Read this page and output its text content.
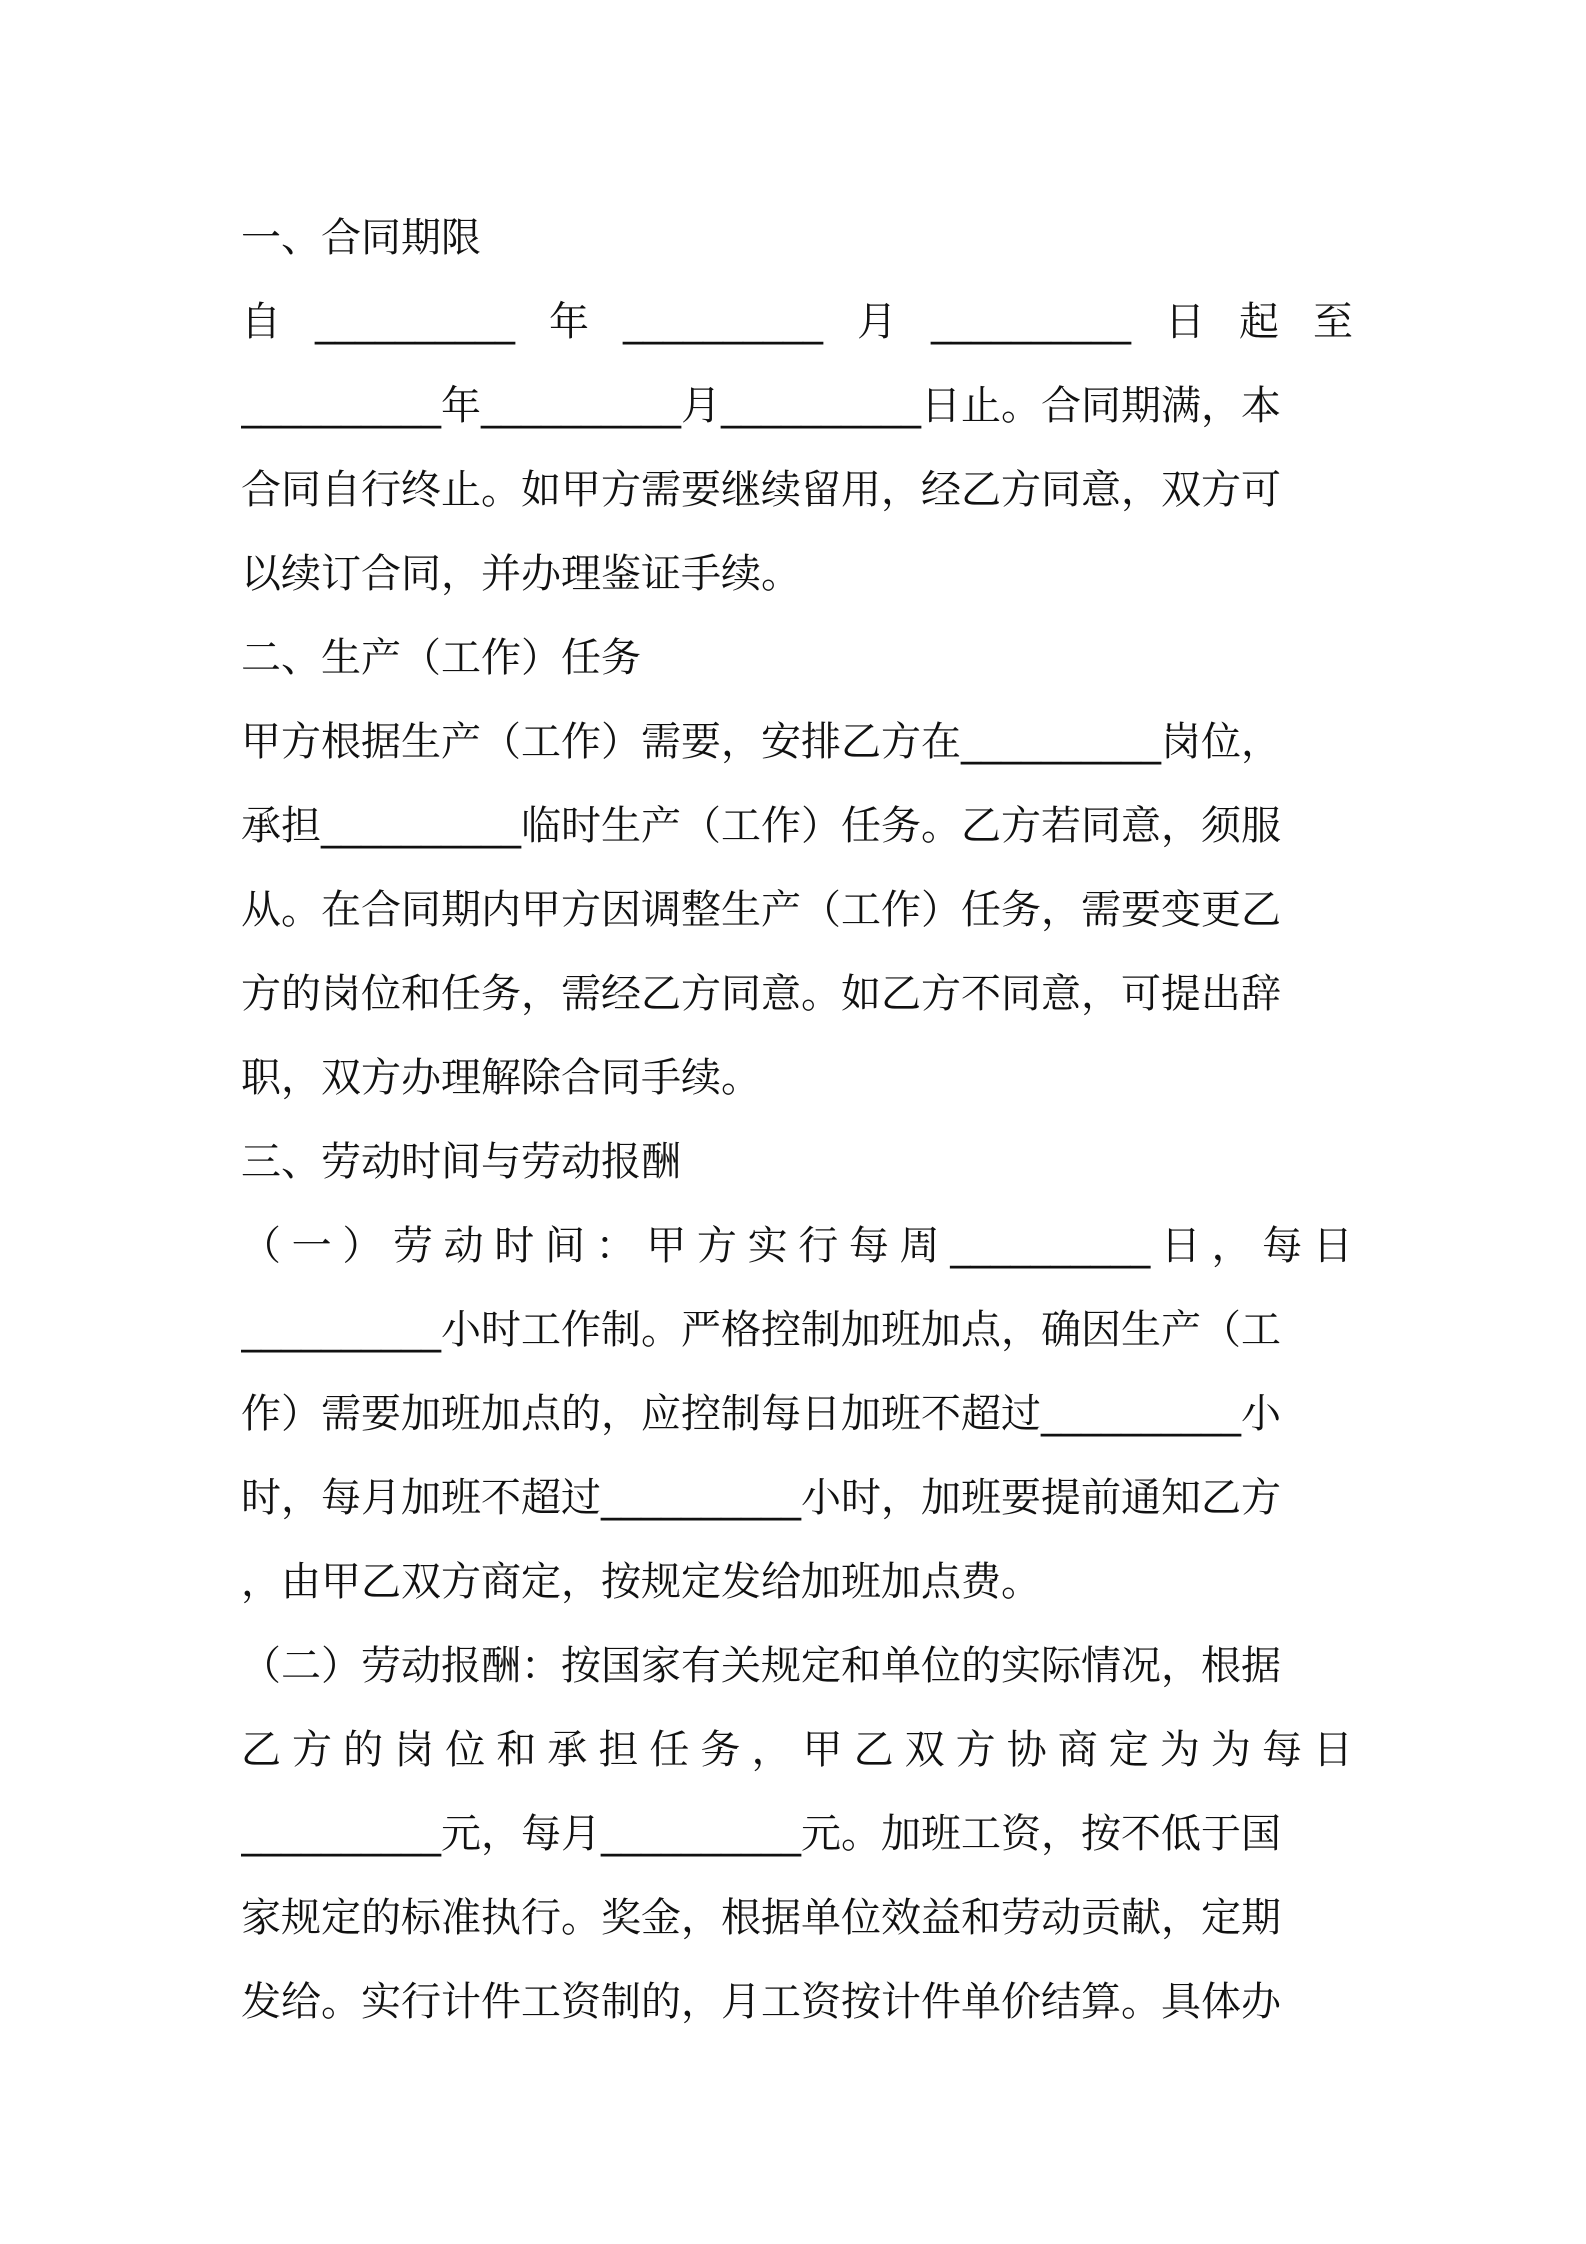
一、合同期限
自 __________ 年 __________ 月 __________ 日 起 至
__________年__________月__________日止。合同期满，本
合同自行终止。如甲方需要继续留用，经乙方同意，双方可
以续订合同，并办理鉴证手续。
二、生产（工作）任务
甲方根据生产（工作）需要，安排乙方在__________岗位，
承担__________临时生产（工作）任务。乙方若同意，须服
从。在合同期内甲方因调整生产（工作）任务，需要变更乙
方的岗位和任务，需经乙方同意。如乙方不同意，可提出辞
职，双方办理解除合同手续。
三、劳动时间与劳动报酬
（ 一 ） 劳 动 时 间 ： 甲 方 实 行 每 周 __________ 日 ， 每 日
__________小时工作制。严格控制加班加点，确因生产（工
作）需要加班加点的，应控制每日加班不超过__________小
时，每月加班不超过__________小时，加班要提前通知乙方
，由甲乙双方商定，按规定发给加班加点费。
（二）劳动报酬：按国家有关规定和单位的实际情况，根据
乙 方 的 岗 位 和 承 担 任 务 ， 甲 乙 双 方 协 商 定 为 为 每 日
__________元，每月__________元。加班工资，按不低于国
家规定的标准执行。奖金，根据单位效益和劳动贡献，定期
发给。实行计件工资制的，月工资按计件单价结算。具体办
